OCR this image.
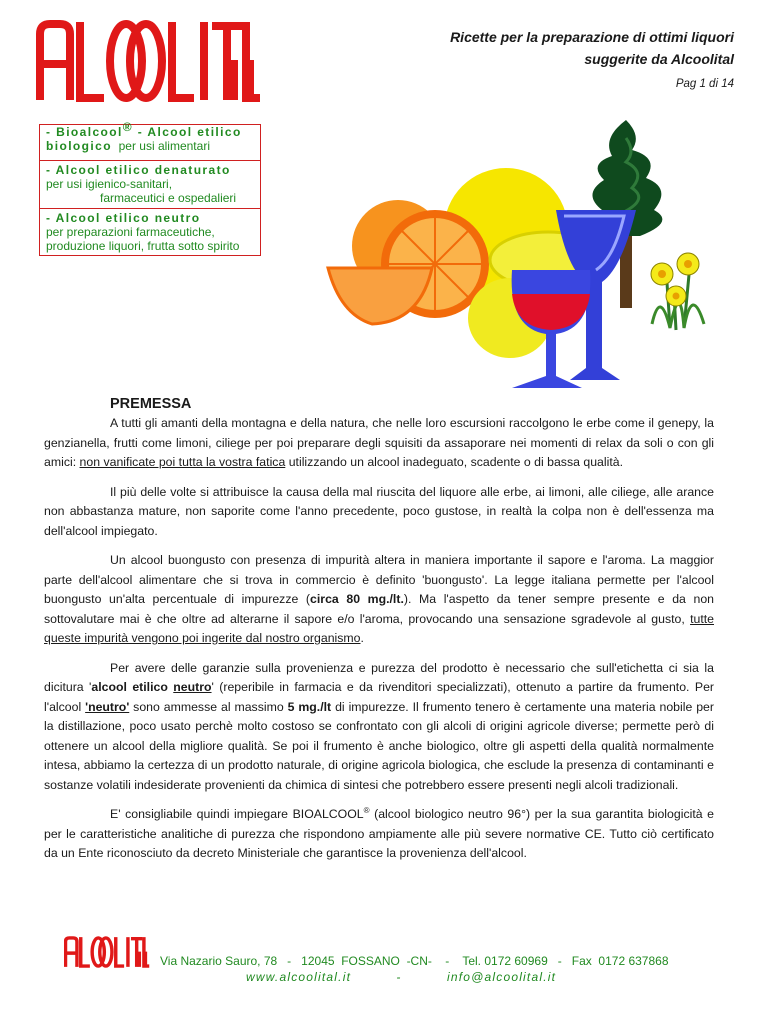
ALCOOLITAL
Ricette per la preparazione di ottimi liquori
suggerite da Alcoolital
Pag 1 di 14
- Bioalcool® - Alcool etilico
biologico per usi alimentari
- Alcool etilico denaturato
per usi igienico-sanitari,
farmaceutici e ospedalieri
- Alcool etilico neutro
per preparazioni farmaceutiche,
produzione liquori, frutta sotto spirito
PREMESSA

A tutti gli amanti della montagna e della natura, che nelle loro escursioni raccolgono le erbe come il genepy, la genzianella, frutti come limoni, ciliege per poi preparare degli squisiti da assaporare nei momenti di relax da soli o con gli amici: non vanificate poi tutta la vostra fatica utilizzando un alcool inadeguato, scadente o di bassa qualità.

Il più delle volte si attribuisce la causa della mal riuscita del liquore alle erbe, ai limoni, alle ciliege, alle arance non abbastanza mature, non saporite come l'anno precedente, poco gustose, in realtà la colpa non è dell'essenza ma dell'alcool impiegato.

Un alcool buongusto con presenza di impurità altera in maniera importante il sapore e l'aroma. La maggior parte dell'alcool alimentare che si trova in commercio è definito 'buongusto'. La legge italiana permette per l'alcool buongusto un'alta percentuale di impurezze (circa 80 mg./lt.). Ma l'aspetto da tener sempre presente e da non sottovalutare mai è che oltre ad alterarne il sapore e/o l'aroma, provocando una sensazione sgradevole al gusto, tutte queste impurità vengono poi ingerite dal nostro organismo.

Per avere delle garanzie sulla provenienza e purezza del prodotto è necessario che sull'etichetta ci sia la dicitura 'alcool etilico neutro' (reperibile in farmacia e da rivenditori specializzati), ottenuto a partire da frumento. Per l'alcool 'neutro' sono ammesse al massimo 5 mg./lt di impurezze. Il frumento tenero è certamente una materia nobile per la distillazione, poco usato perchè molto costoso se confrontato con gli alcoli di origini agricole diverse; permette però di ottenere un alcool della migliore qualità. Se poi il frumento è anche biologico, oltre gli aspetti della qualità normalmente intesa, abbiamo la certezza di un prodotto naturale, di origine agricola biologica, che esclude la presenza di contaminanti e sostanze volatili indesiderate provenienti da chimica di sintesi che potrebbero essere presenti negli alcoli tradizionali.

E' consigliabile quindi impiegare BIOALCOOL® (alcool biologico neutro 96°) per la sua garantita biologicità e per le caratteristiche analitiche di purezza che rispondono ampiamente alle più severe normative CE. Tutto ciò certificato da un Ente riconosciuto da decreto Ministeriale che garantisce la provenienza dell'alcool.

Via Nazario Sauro, 78   -   12045  FOSSANO  -CN-    -    Tel. 0172 60969   -   Fax  0172 637868
www.alcoolital.it          -          info@alcoolital.it
